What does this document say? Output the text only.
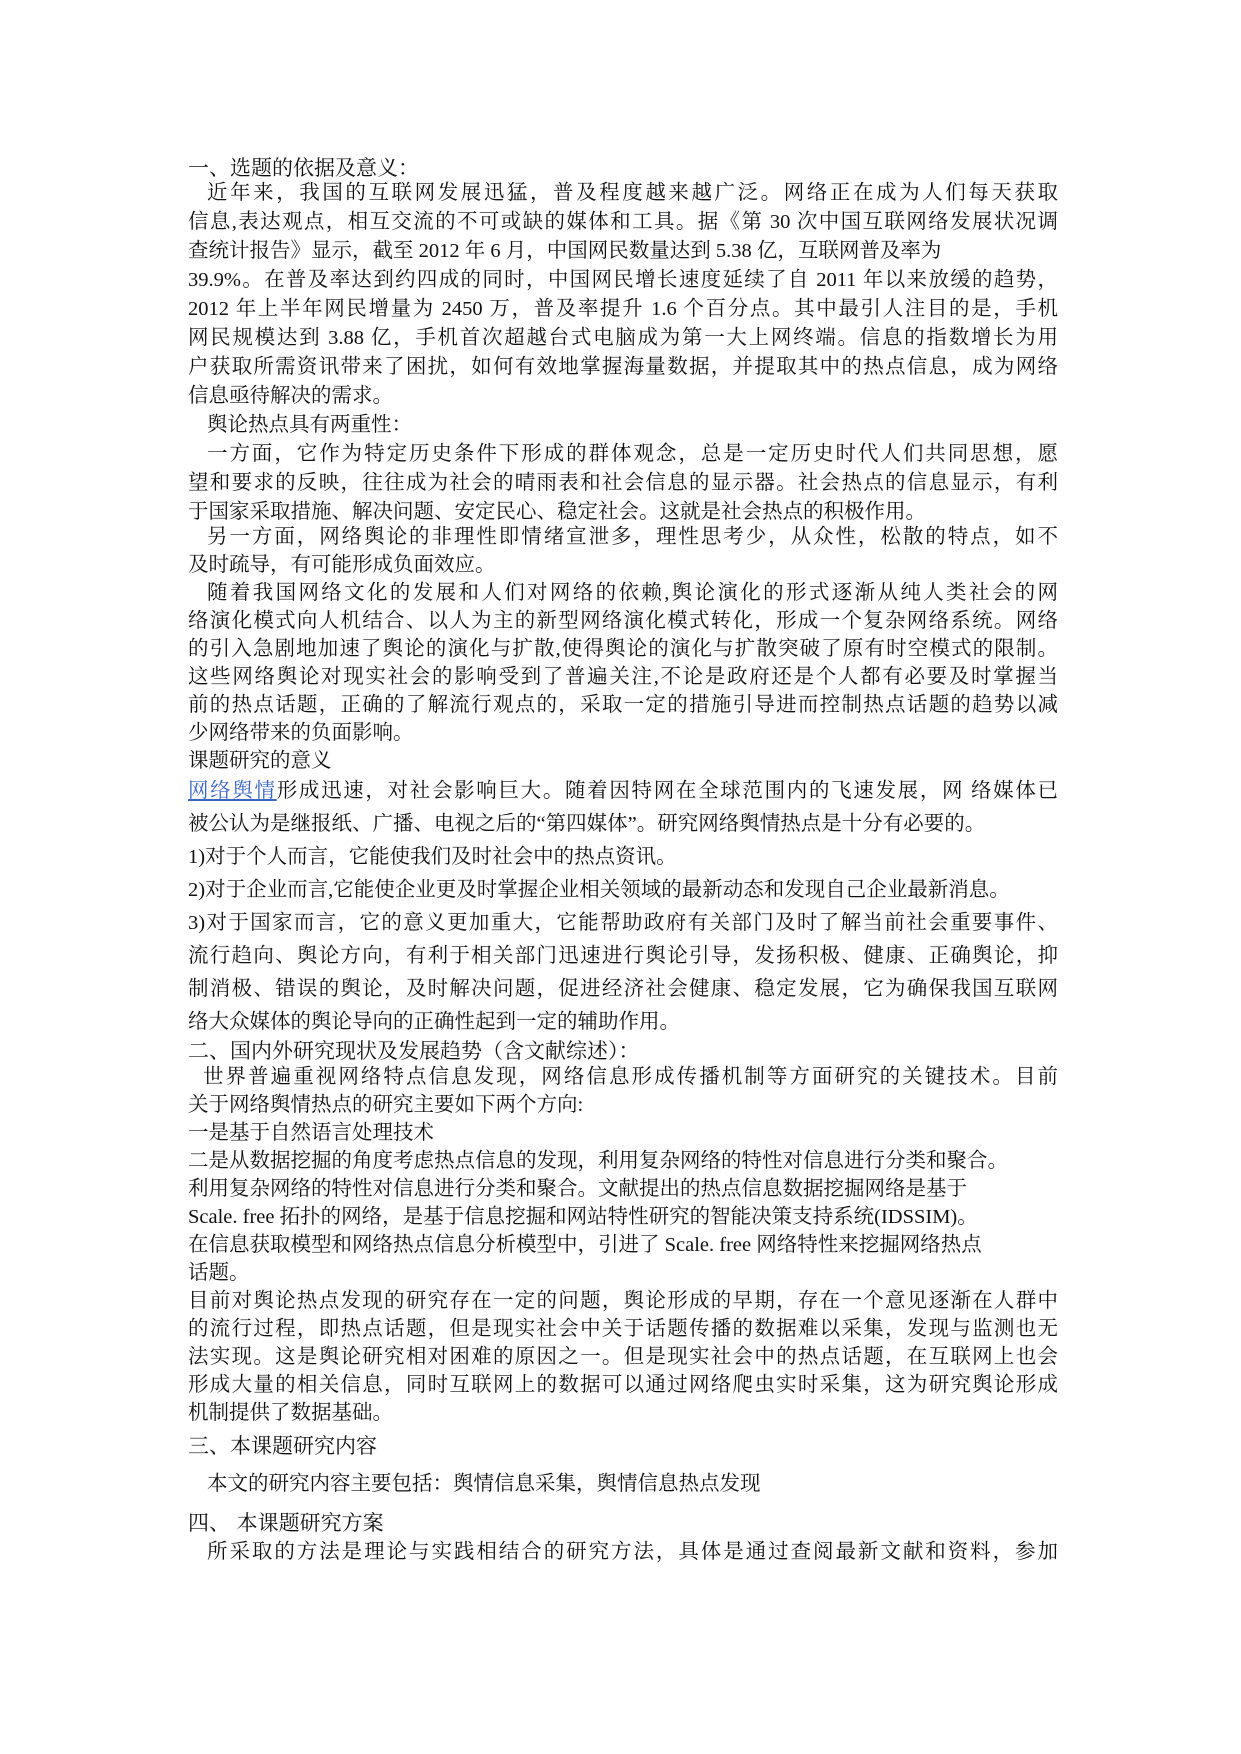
一、选题的依据及意义：
近年来，我国的互联网发展迅猛，普及程度越来越广泛。网络正在成为人们每天获取
信息,表达观点，相互交流的不可或缺的媒体和工具。据《第 30 次中国互联网络发展状况调
查统计报告》显示，截至 2012 年 6 月，中国网民数量达到 5.38 亿，互联网普及率为
39.9%。在普及率达到约四成的同时，中国网民增长速度延续了自 2011 年以来放缓的趋势，
2012 年上半年网民增量为 2450 万，普及率提升 1.6 个百分点。其中最引人注目的是，手机
网民规模达到 3.88 亿，手机首次超越台式电脑成为第一大上网终端。信息的指数增长为用
户获取所需资讯带来了困扰，如何有效地掌握海量数据，并提取其中的热点信息，成为网络
信息亟待解决的需求。
舆论热点具有两重性：
一方面，它作为特定历史条件下形成的群体观念，总是一定历史时代人们共同思想，愿
望和要求的反映，往往成为社会的晴雨表和社会信息的显示器。社会热点的信息显示，有利
于国家采取措施、解决问题、安定民心、稳定社会。这就是社会热点的积极作用。
另一方面，网络舆论的非理性即情绪宣泄多，理性思考少，从众性，松散的特点，如不
及时疏导，有可能形成负面效应。
随着我国网络文化的发展和人们对网络的依赖,舆论演化的形式逐渐从纯人类社会的网
络演化模式向人机结合、以人为主的新型网络演化模式转化，形成一个复杂网络系统。网络
的引入急剧地加速了舆论的演化与扩散,使得舆论的演化与扩散突破了原有时空模式的限制。
这些网络舆论对现实社会的影响受到了普遍关注,不论是政府还是个人都有必要及时掌握当
前的热点话题，正确的了解流行观点的，采取一定的措施引导进而控制热点话题的趋势以减
少网络带来的负面影响。
课题研究的意义
网络舆情形成迅速，对社会影响巨大。随着因特网在全球范围内的飞速发展，网 络媒体已
被公认为是继报纸、广播、电视之后的“第四媒体”。研究网络舆情热点是十分有必要的。
1)对于个人而言，它能使我们及时社会中的热点资讯。
2)对于企业而言,它能使企业更及时掌握企业相关领域的最新动态和发现自己企业最新消息。
3)对于国家而言，它的意义更加重大，它能帮助政府有关部门及时了解当前社会重要事件、
流行趋向、舆论方向，有利于相关部门迅速进行舆论引导，发扬积极、健康、正确舆论，抑
制消极、错误的舆论，及时解决问题，促进经济社会健康、稳定发展，它为确保我国互联网
络大众媒体的舆论导向的正确性起到一定的辅助作用。
二、国内外研究现状及发展趋势（含文献综述）：
世界普遍重视网络特点信息发现，网络信息形成传播机制等方面研究的关键技术。目前
关于网络舆情热点的研究主要如下两个方向:
一是基于自然语言处理技术
二是从数据挖掘的角度考虑热点信息的发现，利用复杂网络的特性对信息进行分类和聚合。
利用复杂网络的特性对信息进行分类和聚合。文献提出的热点信息数据挖掘网络是基于
Scale. free 拓扑的网络，是基于信息挖掘和网站特性研究的智能决策支持系统(IDSSIM)。
在信息获取模型和网络热点信息分析模型中，引进了 Scale. free 网络特性来挖掘网络热点
话题。
目前对舆论热点发现的研究存在一定的问题，舆论形成的早期，存在一个意见逐渐在人群中
的流行过程，即热点话题，但是现实社会中关于话题传播的数据难以采集，发现与监测也无
法实现。这是舆论研究相对困难的原因之一。但是现实社会中的热点话题，在互联网上也会
形成大量的相关信息，同时互联网上的数据可以通过网络爬虫实时采集，这为研究舆论形成
机制提供了数据基础。
三、本课题研究内容
本文的研究内容主要包括：舆情信息采集，舆情信息热点发现
四、 本课题研究方案
所采取的方法是理论与实践相结合的研究方法，具体是通过查阅最新文献和资料，参加
